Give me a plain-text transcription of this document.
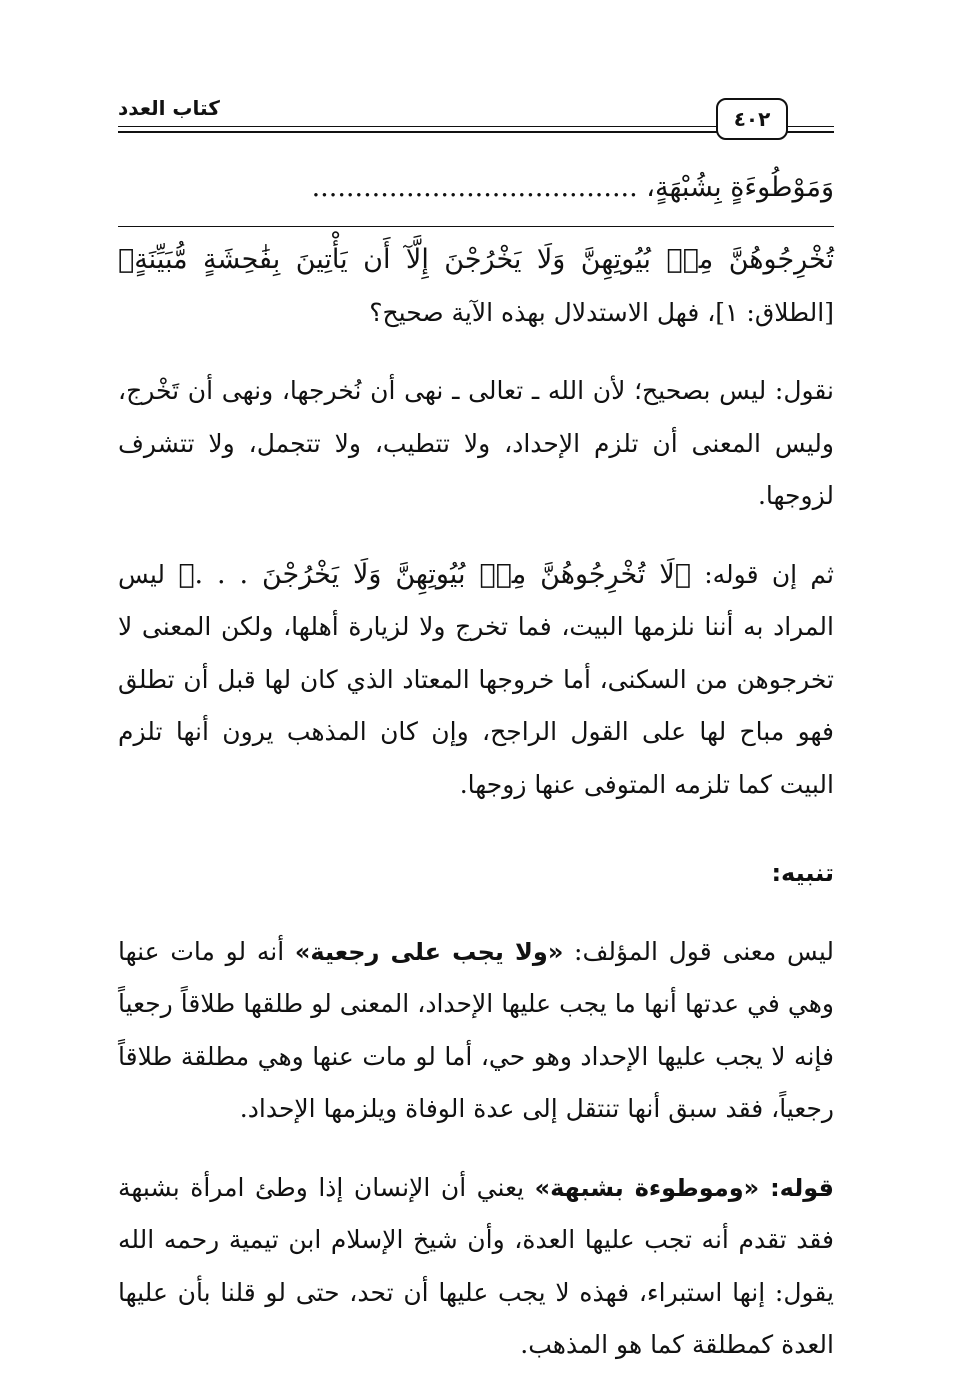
كتاب العدد	٤٠٢
وَمَوْطُوءَةٍ بِشُبْهَةٍ، ......................................

تُخْرِجُوهُنَّ مِنۢ بُيُوتِهِنَّ وَلَا يَخْرُجْنَ إِلَّآ أَن يَأْتِينَ بِفَٰحِشَةٍ مُّبَيِّنَةٍ﴾ [الطلاق: ١]، فهل الاستدلال بهذه الآية صحيح؟

نقول: ليس بصحيح؛ لأن الله ـ تعالى ـ نهى أن نُخرجها، ونهى أن تَخْرج، وليس المعنى أن تلزم الإحداد، ولا تتطيب، ولا تتجمل، ولا تتشرف لزوجها.

ثم إن قوله: ﴿لَا تُخْرِجُوهُنَّ مِنۢ بُيُوتِهِنَّ وَلَا يَخْرُجْنَ . . .﴾ ليس المراد به أننا نلزمها البيت، فما تخرج ولا لزيارة أهلها، ولكن المعنى لا تخرجوهن من السكنى، أما خروجها المعتاد الذي كان لها قبل أن تطلق فهو مباح لها على القول الراجح، وإن كان المذهب يرون أنها تلزم البيت كما تلزمه المتوفى عنها زوجها.

تنبيه:

ليس معنى قول المؤلف: «ولا يجب على رجعية» أنه لو مات عنها وهي في عدتها أنها ما يجب عليها الإحداد، المعنى لو طلقها طلاقاً رجعياً فإنه لا يجب عليها الإحداد وهو حي، أما لو مات عنها وهي مطلقة طلاقاً رجعياً، فقد سبق أنها تنتقل إلى عدة الوفاة ويلزمها الإحداد.

قوله: «وموطوءة بشبهة» يعني أن الإنسان إذا وطئ امرأة بشبهة فقد تقدم أنه تجب عليها العدة، وأن شيخ الإسلام ابن تيمية رحمه الله يقول: إنها استبراء، فهذه لا يجب عليها أن تحد، حتى لو قلنا بأن عليها العدة كمطلقة كما هو المذهب.
